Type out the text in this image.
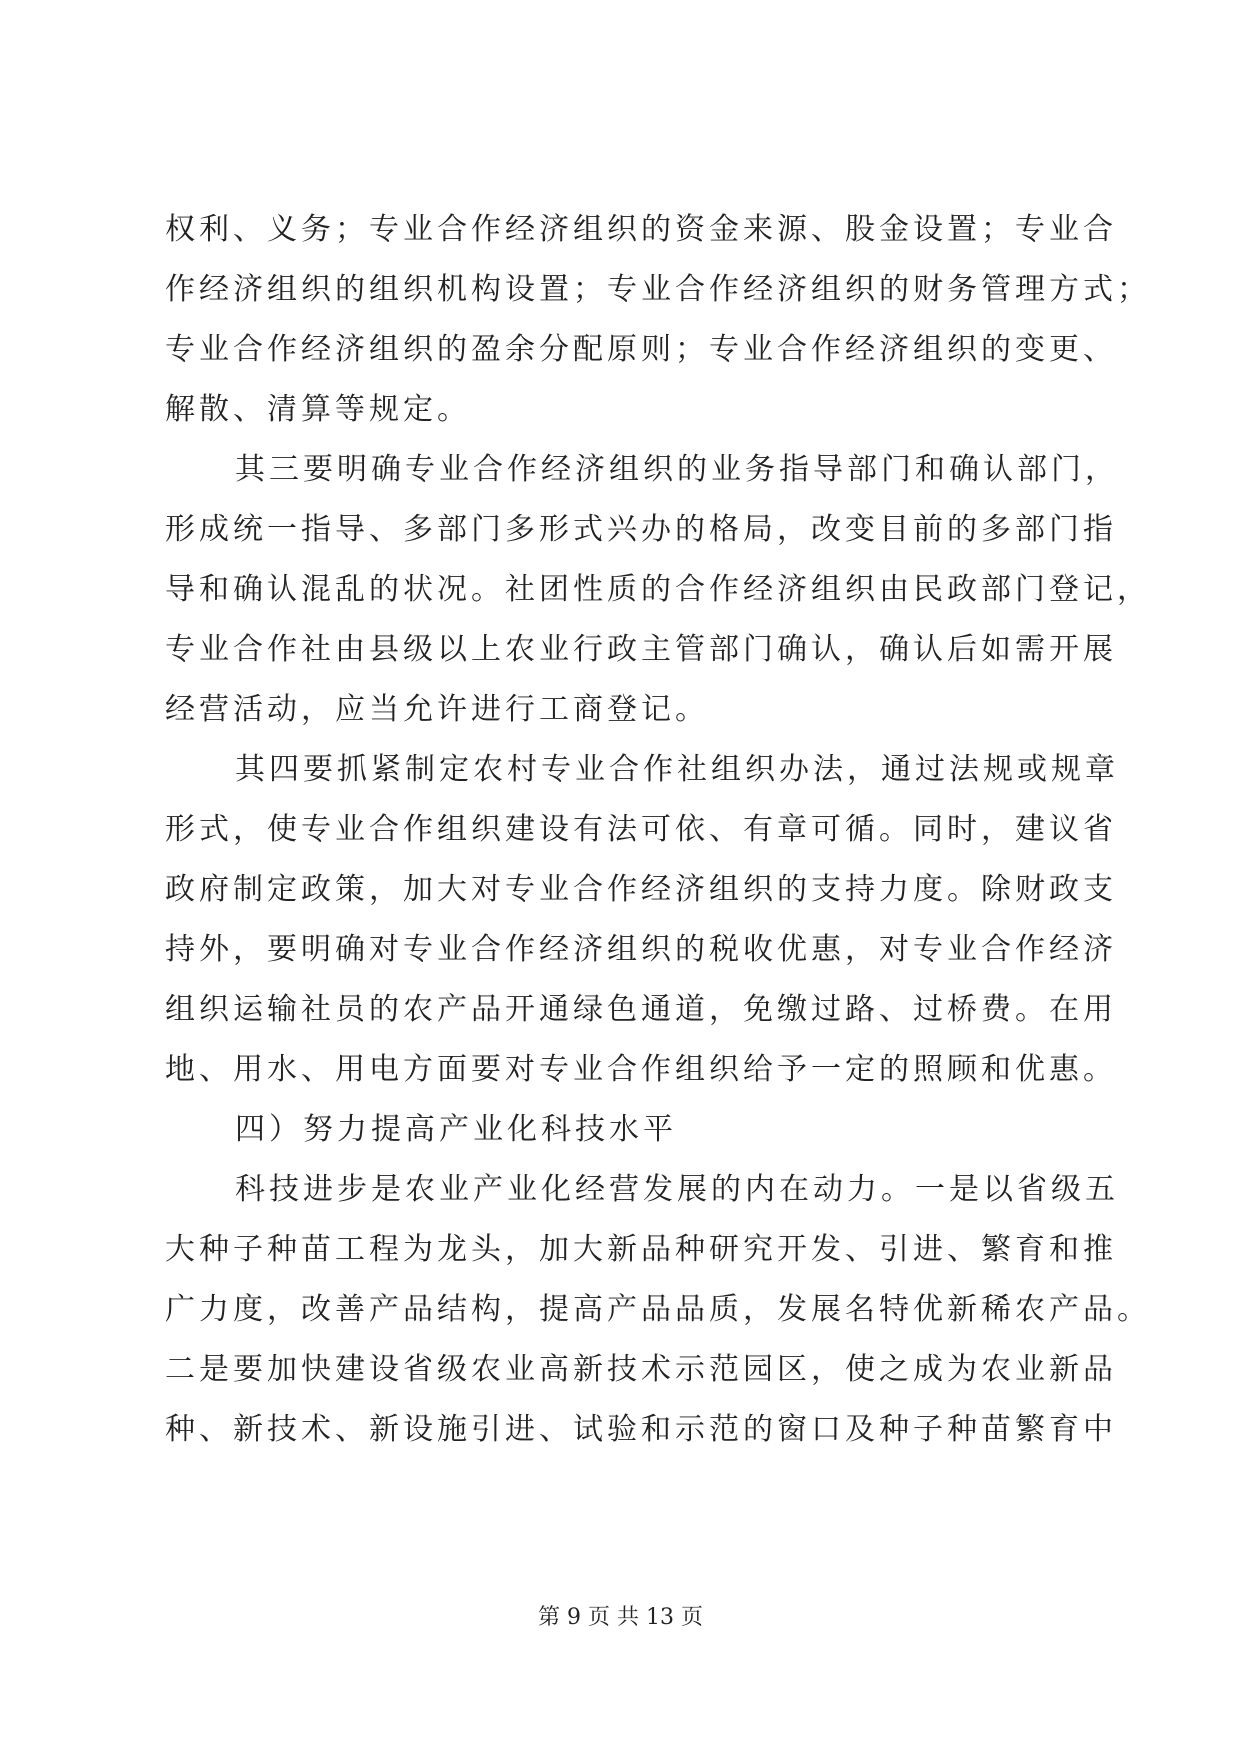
权利、义务；专业合作经济组织的资金来源、股金设置；专业合
作经济组织的组织机构设置；专业合作经济组织的财务管理方式；
专业合作经济组织的盈余分配原则；专业合作经济组织的变更、
解散、清算等规定。
其三要明确专业合作经济组织的业务指导部门和确认部门，
形成统一指导、多部门多形式兴办的格局，改变目前的多部门指
导和确认混乱的状况。社团性质的合作经济组织由民政部门登记，
专业合作社由县级以上农业行政主管部门确认，确认后如需开展
经营活动，应当允许进行工商登记。
其四要抓紧制定农村专业合作社组织办法，通过法规或规章
形式，使专业合作组织建设有法可依、有章可循。同时，建议省
政府制定政策，加大对专业合作经济组织的支持力度。除财政支
持外，要明确对专业合作经济组织的税收优惠，对专业合作经济
组织运输社员的农产品开通绿色通道，免缴过路、过桥费。在用
地、用水、用电方面要对专业合作组织给予一定的照顾和优惠。
四）努力提高产业化科技水平
科技进步是农业产业化经营发展的内在动力。一是以省级五
大种子种苗工程为龙头，加大新品种研究开发、引进、繁育和推
广力度，改善产品结构，提高产品品质，发展名特优新稀农产品。
二是要加快建设省级农业高新技术示范园区，使之成为农业新品
种、新技术、新设施引进、试验和示范的窗口及种子种苗繁育中
第 9 页 共 13 页
